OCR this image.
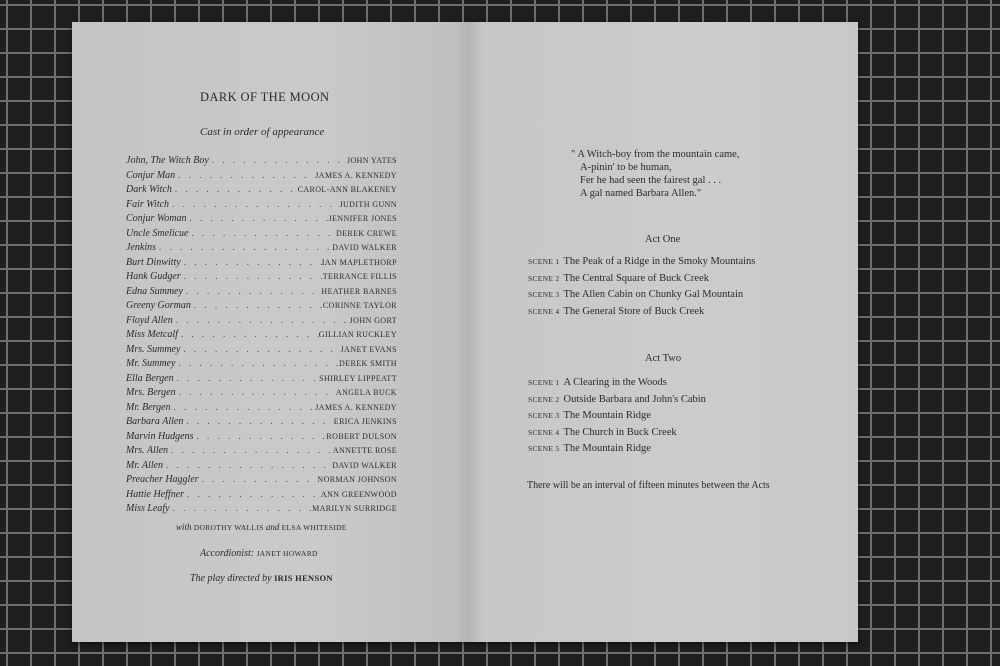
DARK OF THE MOON
Cast in order of appearance
John, The Witch Boy . . .	JOHN YATES
Conjur Man . . .	JAMES A. KENNEDY
Dark Witch . . .	CAROL-ANN BLAKENEY
Fair Witch . . .	JUDITH GUNN
Conjur Woman . . .	JENNIFER JONES
Uncle Smelicue . . .	DEREK CREWE
Jenkins . . .	DAVID WALKER
Burt Dinwitty . . .	IAN MAPLETHORP
Hank Gudger . . .	TERRANCE FILLIS
Edna Summey . . .	HEATHER BARNES
Greeny Gorman . . .	CORINNE TAYLOR
Floyd Allen . . .	JOHN GORT
Miss Metcalf . . .	GILLIAN RUCKLEY
Mrs. Summey . . .	JANET EVANS
Mr. Summey . . .	DEREK SMITH
Ella Bergen . . .	SHIRLEY LIPPEATT
Mrs. Bergen . . .	ANGELA BUCK
Mr. Bergen . . .	JAMES A. KENNEDY
Barbara Allen . . .	ERICA JENKINS
Marvin Hudgens . . .	ROBERT DULSON
Mrs. Allen . . .	ANNETTE ROSE
Mr. Allen . . .	DAVID WALKER
Preacher Haggler . . .	NORMAN JOHNSON
Hattie Heffner . . .	ANN GREENWOOD
Miss Leafy . . .	MARILYN SURRIDGE
with DOROTHY WALLIS and ELSA WHITESIDE
Accordionist: JANET HOWARD
The play directed by IRIS HENSON
" A Witch-boy from the mountain came,
A-pinin' to be human,
Fer he had seen the fairest gal . . .
A gal named Barbara Allen."
Act One
SCENE 1 The Peak of a Ridge in the Smoky Mountains
SCENE 2 The Central Square of Buck Creek
SCENE 3 The Allen Cabin on Chunky Gal Mountain
SCENE 4 The General Store of Buck Creek
Act Two
SCENE 1 A Clearing in the Woods
SCENE 2 Outside Barbara and John's Cabin
SCENE 3 The Mountain Ridge
SCENE 4 The Church in Buck Creek
SCENE 5 The Mountain Ridge
There will be an interval of fifteen minutes between the Acts
